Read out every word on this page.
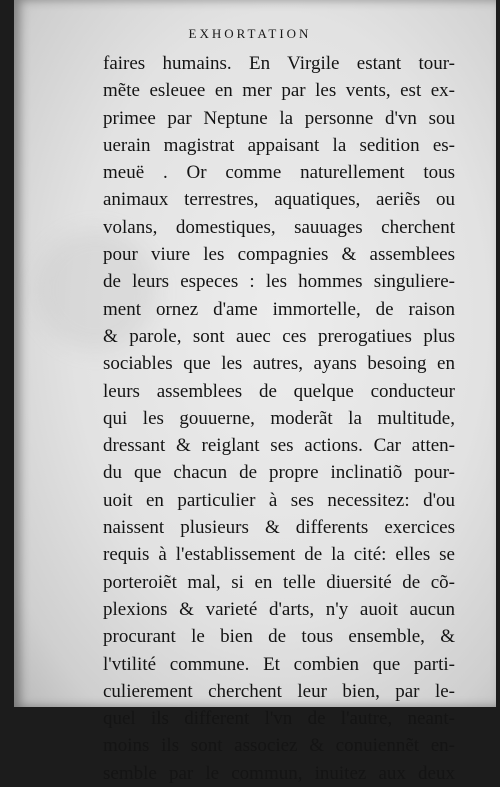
EXHORTATION
faires humains. En Virgile estant tour-
mẽte esleuee en mer par les vents, est ex-
primee par Neptune la personne d'vn sou
uerain magistrat appaisant la sedition es-
meuë . Or comme naturellement tous
animaux terrestres, aquatiques, aeriẽs ou
volans, domestiques, sauuages cherchent
pour viure les compagnies & assemblees
de leurs especes : les hommes singuliere-
ment ornez d'ame immortelle, de raison
& parole, sont auec ces prerogatiues plus
sociables que les autres, ayans besoing en
leurs assemblees de quelque conducteur
qui les gouuerne, moderãt la multitude,
dressant & reiglant ses actions. Car atten-
du que chacun de propre inclinatiõ pour-
uoit en particulier à ses necessitez: d'ou
naissent plusieurs & differents exercices
requis à l'establissement de la cité: elles se
porteroiẽt mal, si en telle diuersité de cõ-
plexions & varieté d'arts, n'y auoit aucun
procurant le bien de tous ensemble, &
l'vtilité commune. Et combien que parti-
culierement cherchent leur bien, par le-
quel ils different l'vn de l'autre, neant-
moins ils sont associez & conuiennẽt en-
semble par le commun, inuitez aux deux
